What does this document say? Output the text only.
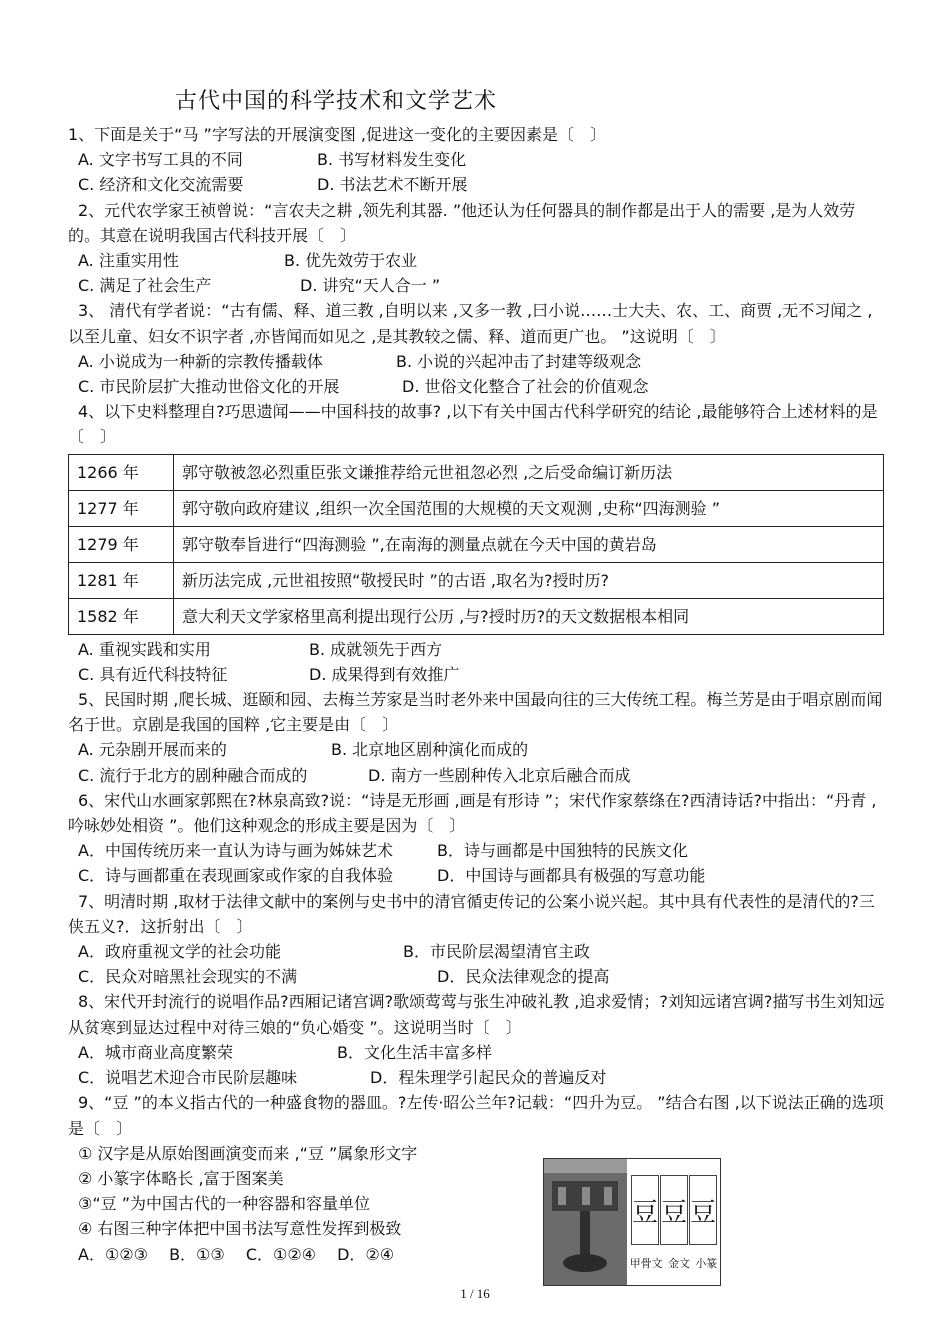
古代中国的科学技术和文学艺术

1、下面是关于“马 ”字写法的开展演变图 ,促进这一变化的主要因素是〔　〕

A. 文字书写工具的不同	B. 书写材料发生变化
C. 经济和文化交流需要	D. 书法艺术不断开展

2、元代农学家王祯曾说：“言农夫之耕 ,领先利其器. ”他还认为任何器具的制作都是出于人的需要 ,是为人效劳的。其意在说明我国古代科技开展〔　〕

A. 注重实用性	B. 优先效劳于农业
C. 满足了社会生产	D. 讲究“天人合一 ”

3、 清代有学者说：“古有儒、释、道三教 ,自明以来 ,又多一教 ,曰小说……士大夫、农、工、商贾 ,无不习闻之 ,以至儿童、妇女不识字者 ,亦皆闻而如见之 ,是其教较之儒、释、道而更广也。 ”这说明〔　〕

A. 小说成为一种新的宗教传播载体	B. 小说的兴起冲击了封建等级观念
C. 市民阶层扩大推动世俗文化的开展	D. 世俗文化整合了社会的价值观念

4、以下史料整理自?巧思遗闻——中国科技的故事? ,以下有关中国古代科学研究的结论 ,最能够符合上述材料的是〔　〕

1266 年	郭守敬被忽必烈重臣张文谦推荐给元世祖忽必烈 ,之后受命编订新历法
1277 年	郭守敬向政府建议 ,组织一次全国范围的大规模的天文观测 ,史称“四海测验 ”
1279 年	郭守敬奉旨进行“四海测验 ”,在南海的测量点就在今天中国的黄岩岛
1281 年	新历法完成 ,元世祖按照“敬授民时 ”的古语 ,取名为?授时历?
1582 年	意大利天文学家格里高利提出现行公历 ,与?授时历?的天文数据根本相同
A. 重视实践和实用	B. 成就领先于西方
C. 具有近代科技特征	D. 成果得到有效推广

5、民国时期 ,爬长城、逛颐和园、去梅兰芳家是当时老外来中国最向往的三大传统工程。梅兰芳是由于唱京剧而闻名于世。京剧是我国的国粹 ,它主要是由〔　〕

A. 元杂剧开展而来的	B. 北京地区剧种演化而成的
C. 流行于北方的剧种融合而成的	D. 南方一些剧种传入北京后融合而成

6、宋代山水画家郭熙在?林泉高致?说：“诗是无形画 ,画是有形诗 ”；宋代作家蔡绦在?西清诗话?中指出：“丹青 ,吟咏妙处相资 ”。他们这种观念的形成主要是因为〔　〕

A．中国传统历来一直认为诗与画为姊妹艺术	B．诗与画都是中国独特的民族文化
C．诗与画都重在表现画家或作家的自我体验	D．中国诗与画都具有极强的写意功能

7、明清时期 ,取材于法律文献中的案例与史书中的清官循吏传记的公案小说兴起。其中具有代表性的是清代的?三侠五义?．这折射出〔　〕

A．政府重视文学的社会功能	B．市民阶层渴望清官主政
C．民众对暗黑社会现实的不满	D．民众法律观念的提高

8、宋代开封流行的说唱作品?西厢记诸宫调?歌颂莺莺与张生冲破礼教 ,追求爱情；?刘知远诸宫调?描写书生刘知远从贫寒到显达过程中对待三娘的“负心婚变 ”。这说明当时〔　〕

A．城市商业高度繁荣	B．文化生活丰富多样
C．说唱艺术迎合市民阶层趣味	D．程朱理学引起民众的普遍反对

9、“豆 ”的本义指古代的一种盛食物的器皿。?左传·昭公兰年?记载：“四升为豆。 ”结合右图 ,以下说法正确的选项是〔　〕

① 汉字是从原始图画演变而来 ,“豆 ”属象形文字
② 小篆字体略长 ,富于图案美
③“豆 ”为中国古代的一种容器和容量单位
④ 右图三种字体把中国书法写意性发挥到极致
A．①②③　 B．①③　 C．①②④　 D．②④
豆 豆 豆
甲骨文 金文 小篆
1 / 16
